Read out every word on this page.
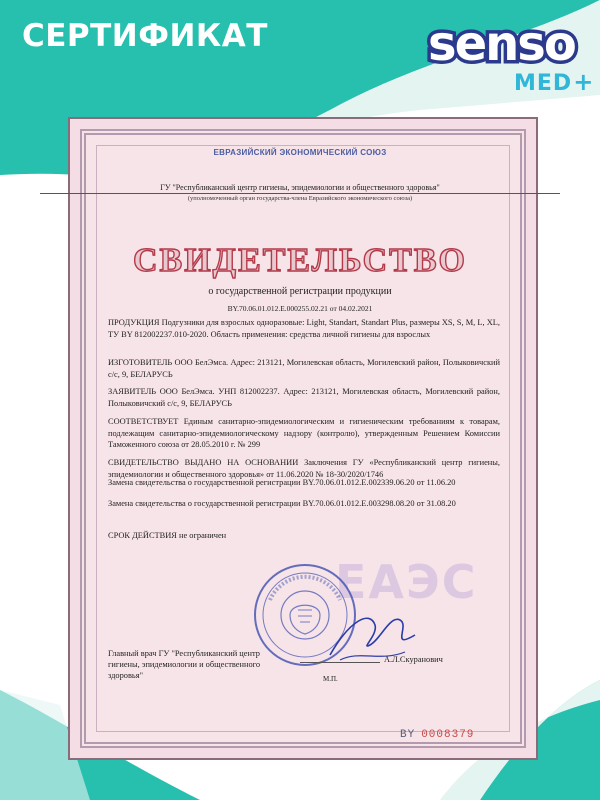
СЕРТИФИКАТ	senso
MED+
ЕВРАЗИЙСКИЙ ЭКОНОМИЧЕСКИЙ СОЮЗ
ГУ "Республиканский центр гигиены, эпидемиологии и общественного здоровья"
(уполномоченный орган государства-члена Евразийского экономического союза)
СВИДЕТЕЛЬСТВО
о государственной регистрации продукции
BY.70.06.01.012.E.000255.02.21 от 04.02.2021
ПРОДУКЦИЯ Подгузники для взрослых одноразовые: Light, Standart, Standart Plus, размеры XS, S, M, L, XL, ТУ BY 812002237.010-2020. Область применения: средства личной гигиены для взрослых
ИЗГОТОВИТЕЛЬ ООО БелЭмса. Адрес: 213121, Могилевская область, Могилевский район, Полыковичский с/с, 9, БЕЛАРУСЬ
ЗАЯВИТЕЛЬ ООО БелЭмса. УНП 812002237. Адрес: 213121, Могилевская область, Могилевский район, Полыковичский с/с, 9, БЕЛАРУСЬ
СООТВЕТСТВУЕТ Единым санитарно-эпидемиологическим и гигиеническим требованиям к товарам, подлежащим санитарно-эпидемиологическому надзору (контролю), утвержденным Решением Комиссии Таможенного союза от 28.05.2010 г. № 299
СВИДЕТЕЛЬСТВО ВЫДАНО НА ОСНОВАНИИ Заключения ГУ «Республиканский центр гигиены, эпидемиологии и общественного здоровья» от 11.06.2020 № 18-30/2020/1746
Замена свидетельства о государственной регистрации BY.70.06.01.012.E.002339.06.20 от 11.06.20
Замена свидетельства о государственной регистрации BY.70.06.01.012.E.003298.08.20 от 31.08.20
СРОК ДЕЙСТВИЯ не ограничен
ЕАЭС
Главный врач ГУ "Республиканский центр гигиены, эпидемиологии и общественного здоровья"
А.Л.Скуранович
М.П.
BY 0008379
